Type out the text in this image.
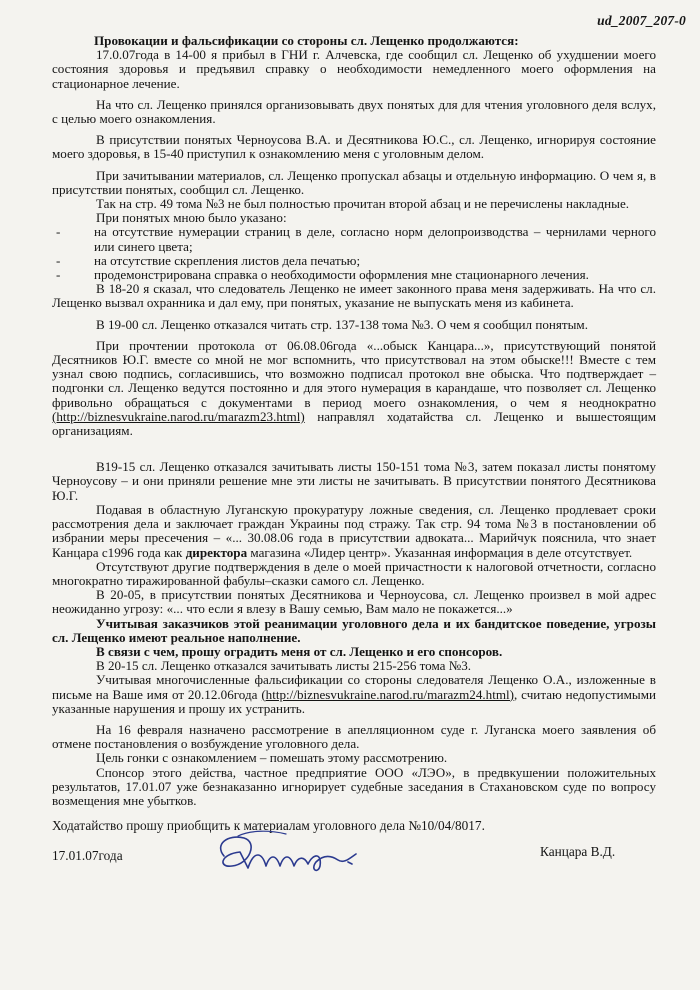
ud_2007_207-0

Провокации и фальсификации со стороны сл. Лещенко продолжаются:

17.0.07года в 14-00 я прибыл в ГНИ г. Алчевска, где сообщил сл. Лещенко об ухудшении моего состояния здоровья и предъявил справку о необходимости немедленного моего оформления на стационарное лечение.

На что сл. Лещенко принялся организовывать двух понятых для для чтения уголовного деля вслух, с целью моего ознакомления.

В присутствии понятых Черноусова В.А. и Десятникова Ю.С., сл. Лещенко, игнорируя состояние моего здоровья, в 15-40 приступил к ознакомлению меня с уголовным делом.

При зачитывании материалов, сл. Лещенко пропускал абзацы и отдельную информацию. О чем я, в присутствии понятых, сообщил сл. Лещенко.

Так на стр. 49 тома №3 не был полностью прочитан второй абзац и не перечислены накладные.

При понятых мною было указано:

-	на отсутствие нумерации страниц в деле, согласно норм делопроизводства – чернилами черного или синего цвета;
-	на отсутствие скрепления листов дела печатью;
-	продемонстрирована справка о необходимости оформления мне стационарного лечения.

В 18-20 я сказал, что следователь Лещенко не имеет законного права меня задерживать. На что сл. Лещенко вызвал охранника и дал ему, при понятых, указание не выпускать меня из кабинета.

В 19-00 сл. Лещенко отказался читать стр. 137-138 тома №3. О чем я сообщил понятым.

При прочтении протокола от 06.08.06года «...обыск Канцара...», присутствующий понятой Десятников Ю.Г. вместе со мной не мог вспомнить, что присутствовал на этом обыске!!! Вместе с тем узнал свою подпись, согласившись, что возможно подписал протокол вне обыска. Что подтверждает – подгонки сл. Лещенко ведутся постоянно и для этого нумерация в карандаше, что позволяет сл. Лещенко фривольно обращаться с документами в период моего ознакомления, о чем я неоднократно (http://biznesvukraine.narod.ru/marazm23.html) направлял ходатайства сл. Лещенко и вышестоящим организациям.

В19-15 сл. Лещенко отказался зачитывать листы 150-151 тома №3, затем показал листы понятому Черноусову – и они приняли решение мне эти листы не зачитывать. В присутствии понятого Десятникова Ю.Г.

Подавая в областную Луганскую прокуратуру ложные сведения, сл. Лещенко продлевает сроки рассмотрения дела и заключает граждан Украины под стражу. Так стр. 94 тома №3 в постановлении об избрании меры пресечения – «... 30.08.06 года в присутствии адвоката... Марийчук пояснила, что знает Канцара с1996 года как директора магазина «Лидер центр». Указанная информация в деле отсутствует.

Отсутствуют другие подтверждения в деле о моей причастности к налоговой отчетности, согласно многократно тиражированной фабулы–сказки самого сл. Лещенко.

В 20-05, в присутствии понятых Десятникова и Черноусова, сл. Лещенко произвел в мой адрес неожиданно угрозу: «... что если я влезу в Вашу семью, Вам мало не покажется...»

Учитывая заказчиков этой реанимации уголовного дела и их бандитское поведение, угрозы сл. Лещенко имеют реальное наполнение.

В связи с чем, прошу оградить меня от сл. Лещенко и его спонсоров.

В 20-15 сл. Лещенко отказался зачитывать листы 215-256 тома №3.

Учитывая многочисленные фальсификации со стороны следователя Лещенко О.А., изложенные в письме на Ваше имя от 20.12.06года (http://biznesvukraine.narod.ru/marazm24.html), считаю недопустимыми указанные нарушения и прошу их устранить.

На 16 февраля назначено рассмотрение в апелляционном суде г. Луганска моего заявления об отмене постановления о возбуждение уголовного дела.

Цель гонки с ознакомлением – помешать этому рассмотрению.

Спонсор этого действа, частное предприятие ООО «ЛЭО», в предвкушении положительных результатов, 17.01.07 уже безнаказанно игнорирует судебные заседания в Стахановском суде по вопросу возмещения мне убытков.

Ходатайство прошу приобщить к материалам уголовного дела №10/04/8017.
17.01.07года	Канцара В.Д.
